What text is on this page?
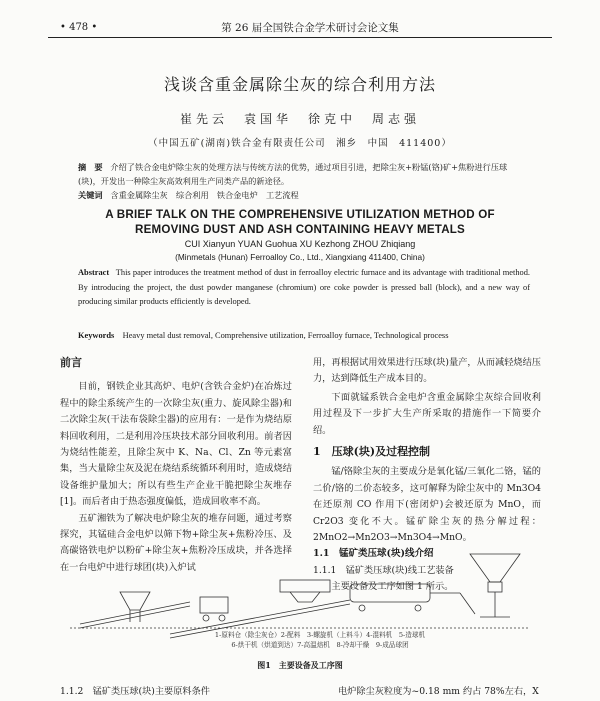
• 478 •	第 26 届全国铁合金学术研讨会论文集
浅谈含重金属除尘灰的综合利用方法
崔先云　袁国华　徐克中　周志强
（中国五矿(湖南)铁合金有限责任公司　湘乡　中国　411400）
摘　要 介绍了铁合金电炉除尘灰的处理方法与传统方法的优势，通过项目引进，把除尘灰+粉锰(铬)矿+焦粉进行压球(块)，开发出一种除尘灰高效利用生产同类产品的新途径。
关键词 含重金属除尘灰　综合利用　铁合金电炉　工艺流程
A BRIEF TALK ON THE COMPREHENSIVE UTILIZATION METHOD OF
REMOVING DUST AND ASH CONTAINING HEAVY METALS
CUI Xianyun YUAN Guohua XU Kezhong ZHOU Zhiqiang
(Minmetals (Hunan) Ferroalloy Co., Ltd., Xiangxiang 411400, China)
Abstract This paper introduces the treatment method of dust in ferroalloy electric furnace and its advantage with traditional method. By introducing the project, the dust powder manganese (chromium) ore coke powder is pressed ball (block), and a new way of producing similar products efficiently is developed.
Keywords Heavy metal dust removal, Comprehensive utilization, Ferroalloy furnace, Technological process
前言

目前，钢铁企业其高炉、电炉(含铁合金炉)在冶炼过程中的除尘系统产生的一次除尘灰(重力、旋风除尘器)和二次除尘灰(干法布袋除尘器)的应用有：一是作为烧结原料回收利用，二是利用冷压块技术部分回收利用。前者因为烧结性能差，且除尘灰中 K、Na、Cl、Zn 等元素富集，当大量除尘灰及泥在烧结系统循环利用时，造成烧结设备维护量加大；所以有些生产企业干脆把除尘灰堆存[1]。而后者由于热态强度偏低，造成回收率不高。

五矿湘铁为了解决电炉除尘灰的堆存问题，通过考察探究，其锰硅合金电炉以筛下物+除尘灰+焦粉冷压、及高碳铬铁电炉以粉矿+除尘灰+焦粉冷压成块，并各选择在一台电炉中进行球团(块)入炉试

用，再根据试用效果进行压球(块)量产，从而减轻烧结压力，达到降低生产成本目的。

下面就锰系铁合金电炉含重金属除尘灰综合回收利用过程及下一步扩大生产所采取的措施作一下简要介绍。

1　压球(块)及过程控制

锰/铬除尘灰的主要成分是氧化锰/三氧化二铬，锰的二价/铬的二价态较多，这可解释为除尘灰中的 Mn3O4 在还原剂 CO 作用下(密闭炉)会被还原为 MnO，而 Cr2O3 变化不大。锰矿除尘灰的热分解过程：2MnO2→Mn2O3→Mn3O4→MnO。

1.1　锰矿类压球(块)线介绍
1.1.1　锰矿类压球(块)线工艺装备

主要设备及工序如图 1 所示。

1-原料仓（除尘灰仓）2-配料　3-螺旋机（上料斗）4-混料机　5-造球机
6-烘干机（烘道到达）7-高温焙机　8-冷却干燥　9-成品球团
图1　主要设备及工序图
1.1.2　锰矿类压球(块)主要原料条件	电炉除尘灰粒度为~0.18 mm 约占 78%左右，X
